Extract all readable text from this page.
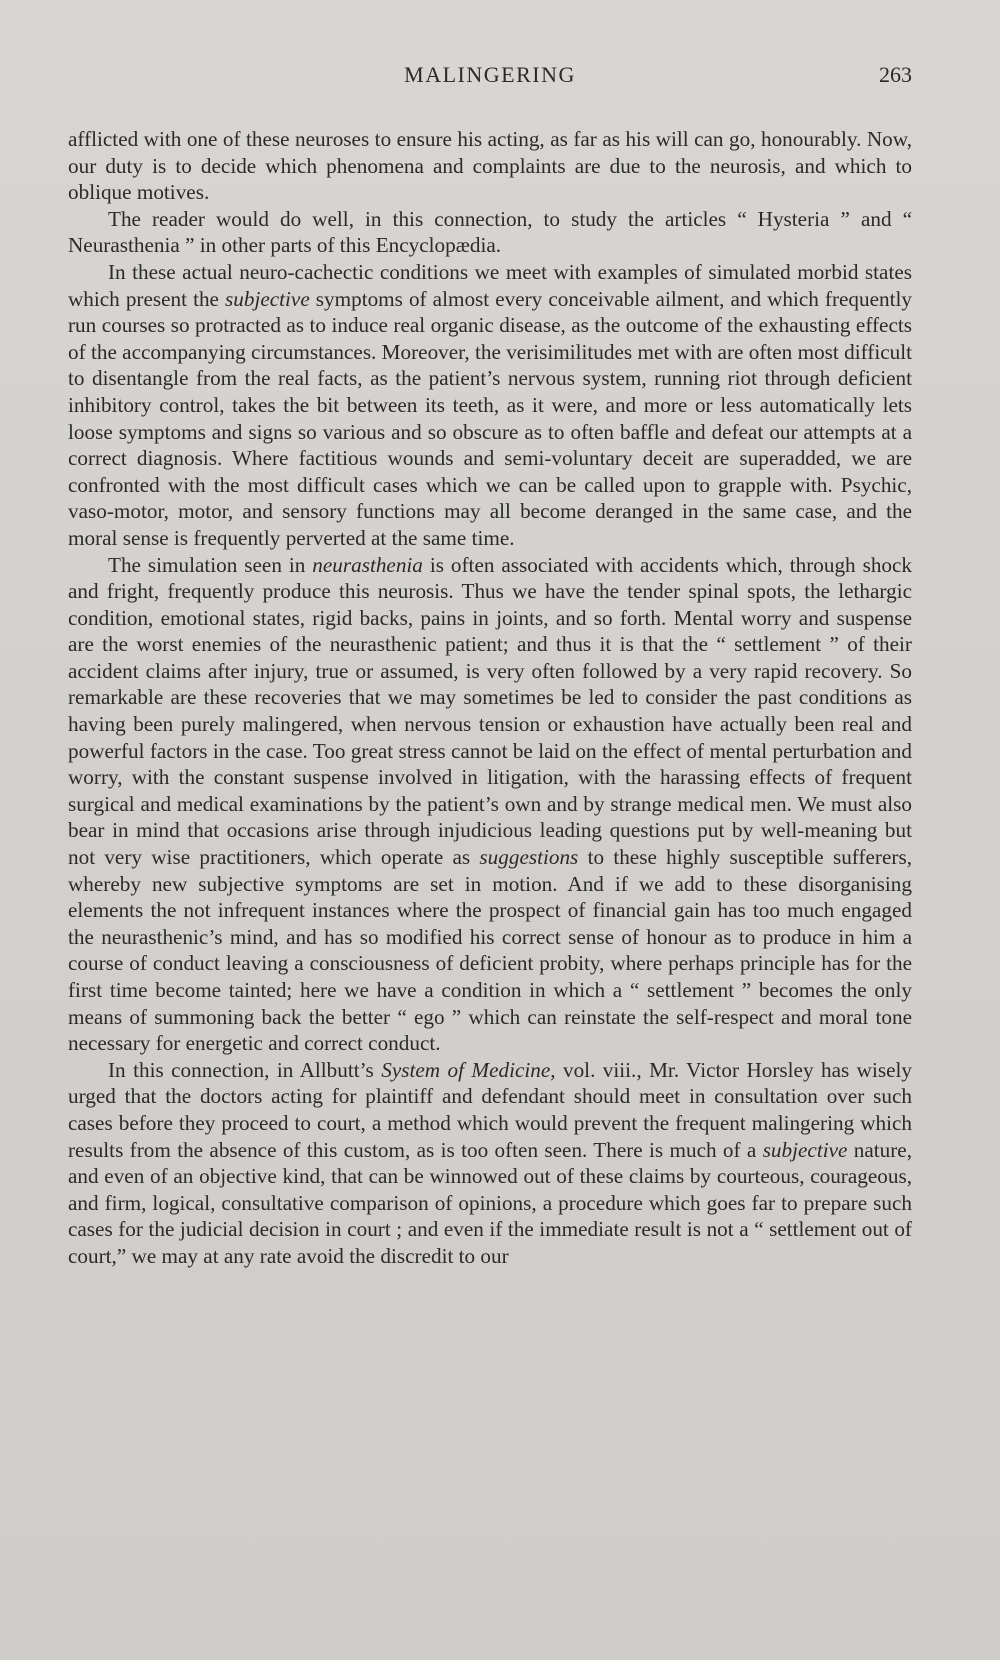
MALINGERING	263

afflicted with one of these neuroses to ensure his acting, as far as his will can go, honourably. Now, our duty is to decide which phenomena and complaints are due to the neurosis, and which to oblique motives.

The reader would do well, in this connection, to study the articles “ Hysteria ” and “ Neurasthenia ” in other parts of this Encyclopædia.

In these actual neuro-cachectic conditions we meet with examples of simulated morbid states which present the subjective symptoms of almost every conceivable ailment, and which frequently run courses so protracted as to induce real organic disease, as the outcome of the exhausting effects of the accompanying circumstances. Moreover, the verisimilitudes met with are often most difficult to disentangle from the real facts, as the patient’s nervous system, running riot through deficient inhibitory control, takes the bit between its teeth, as it were, and more or less automatically lets loose symptoms and signs so various and so obscure as to often baffle and defeat our attempts at a correct diagnosis. Where factitious wounds and semi-voluntary deceit are superadded, we are confronted with the most difficult cases which we can be called upon to grapple with. Psychic, vaso-motor, motor, and sensory functions may all become deranged in the same case, and the moral sense is frequently perverted at the same time.

The simulation seen in neurasthenia is often associated with accidents which, through shock and fright, frequently produce this neurosis. Thus we have the tender spinal spots, the lethargic condition, emotional states, rigid backs, pains in joints, and so forth. Mental worry and suspense are the worst enemies of the neurasthenic patient; and thus it is that the “ settlement ” of their accident claims after injury, true or assumed, is very often followed by a very rapid recovery. So remarkable are these recoveries that we may sometimes be led to consider the past conditions as having been purely malingered, when nervous tension or exhaustion have actually been real and powerful factors in the case. Too great stress cannot be laid on the effect of mental perturbation and worry, with the constant suspense involved in litigation, with the harassing effects of frequent surgical and medical examinations by the patient’s own and by strange medical men. We must also bear in mind that occasions arise through injudicious leading questions put by well-meaning but not very wise practitioners, which operate as suggestions to these highly susceptible sufferers, whereby new subjective symptoms are set in motion. And if we add to these disorganising elements the not infrequent instances where the prospect of financial gain has too much engaged the neurasthenic’s mind, and has so modified his correct sense of honour as to produce in him a course of conduct leaving a consciousness of deficient probity, where perhaps principle has for the first time become tainted; here we have a condition in which a “ settlement ” becomes the only means of summoning back the better “ ego ” which can reinstate the self-respect and moral tone necessary for energetic and correct conduct.

In this connection, in Allbutt’s System of Medicine, vol. viii., Mr. Victor Horsley has wisely urged that the doctors acting for plaintiff and defendant should meet in consultation over such cases before they proceed to court, a method which would prevent the frequent malingering which results from the absence of this custom, as is too often seen. There is much of a subjective nature, and even of an objective kind, that can be winnowed out of these claims by courteous, courageous, and firm, logical, consultative comparison of opinions, a procedure which goes far to prepare such cases for the judicial decision in court ; and even if the immediate result is not a “ settlement out of court,” we may at any rate avoid the discredit to our
